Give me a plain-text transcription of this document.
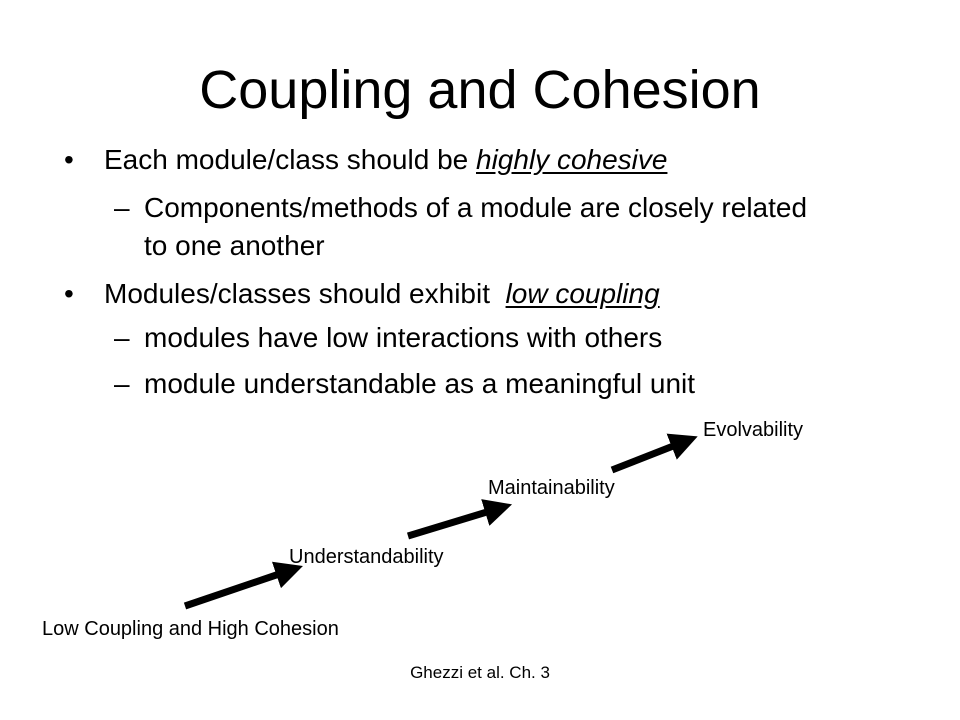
Coupling and Cohesion
• Each module/class should be highly cohesive
– Components/methods of a module are closely related
to one another
• Modules/classes should exhibit  low coupling
– modules have low interactions with others
– module understandable as a meaningful unit
Low Coupling and High Cohesion
Understandability
Maintainability
Evolvability
Ghezzi et al. Ch. 3
